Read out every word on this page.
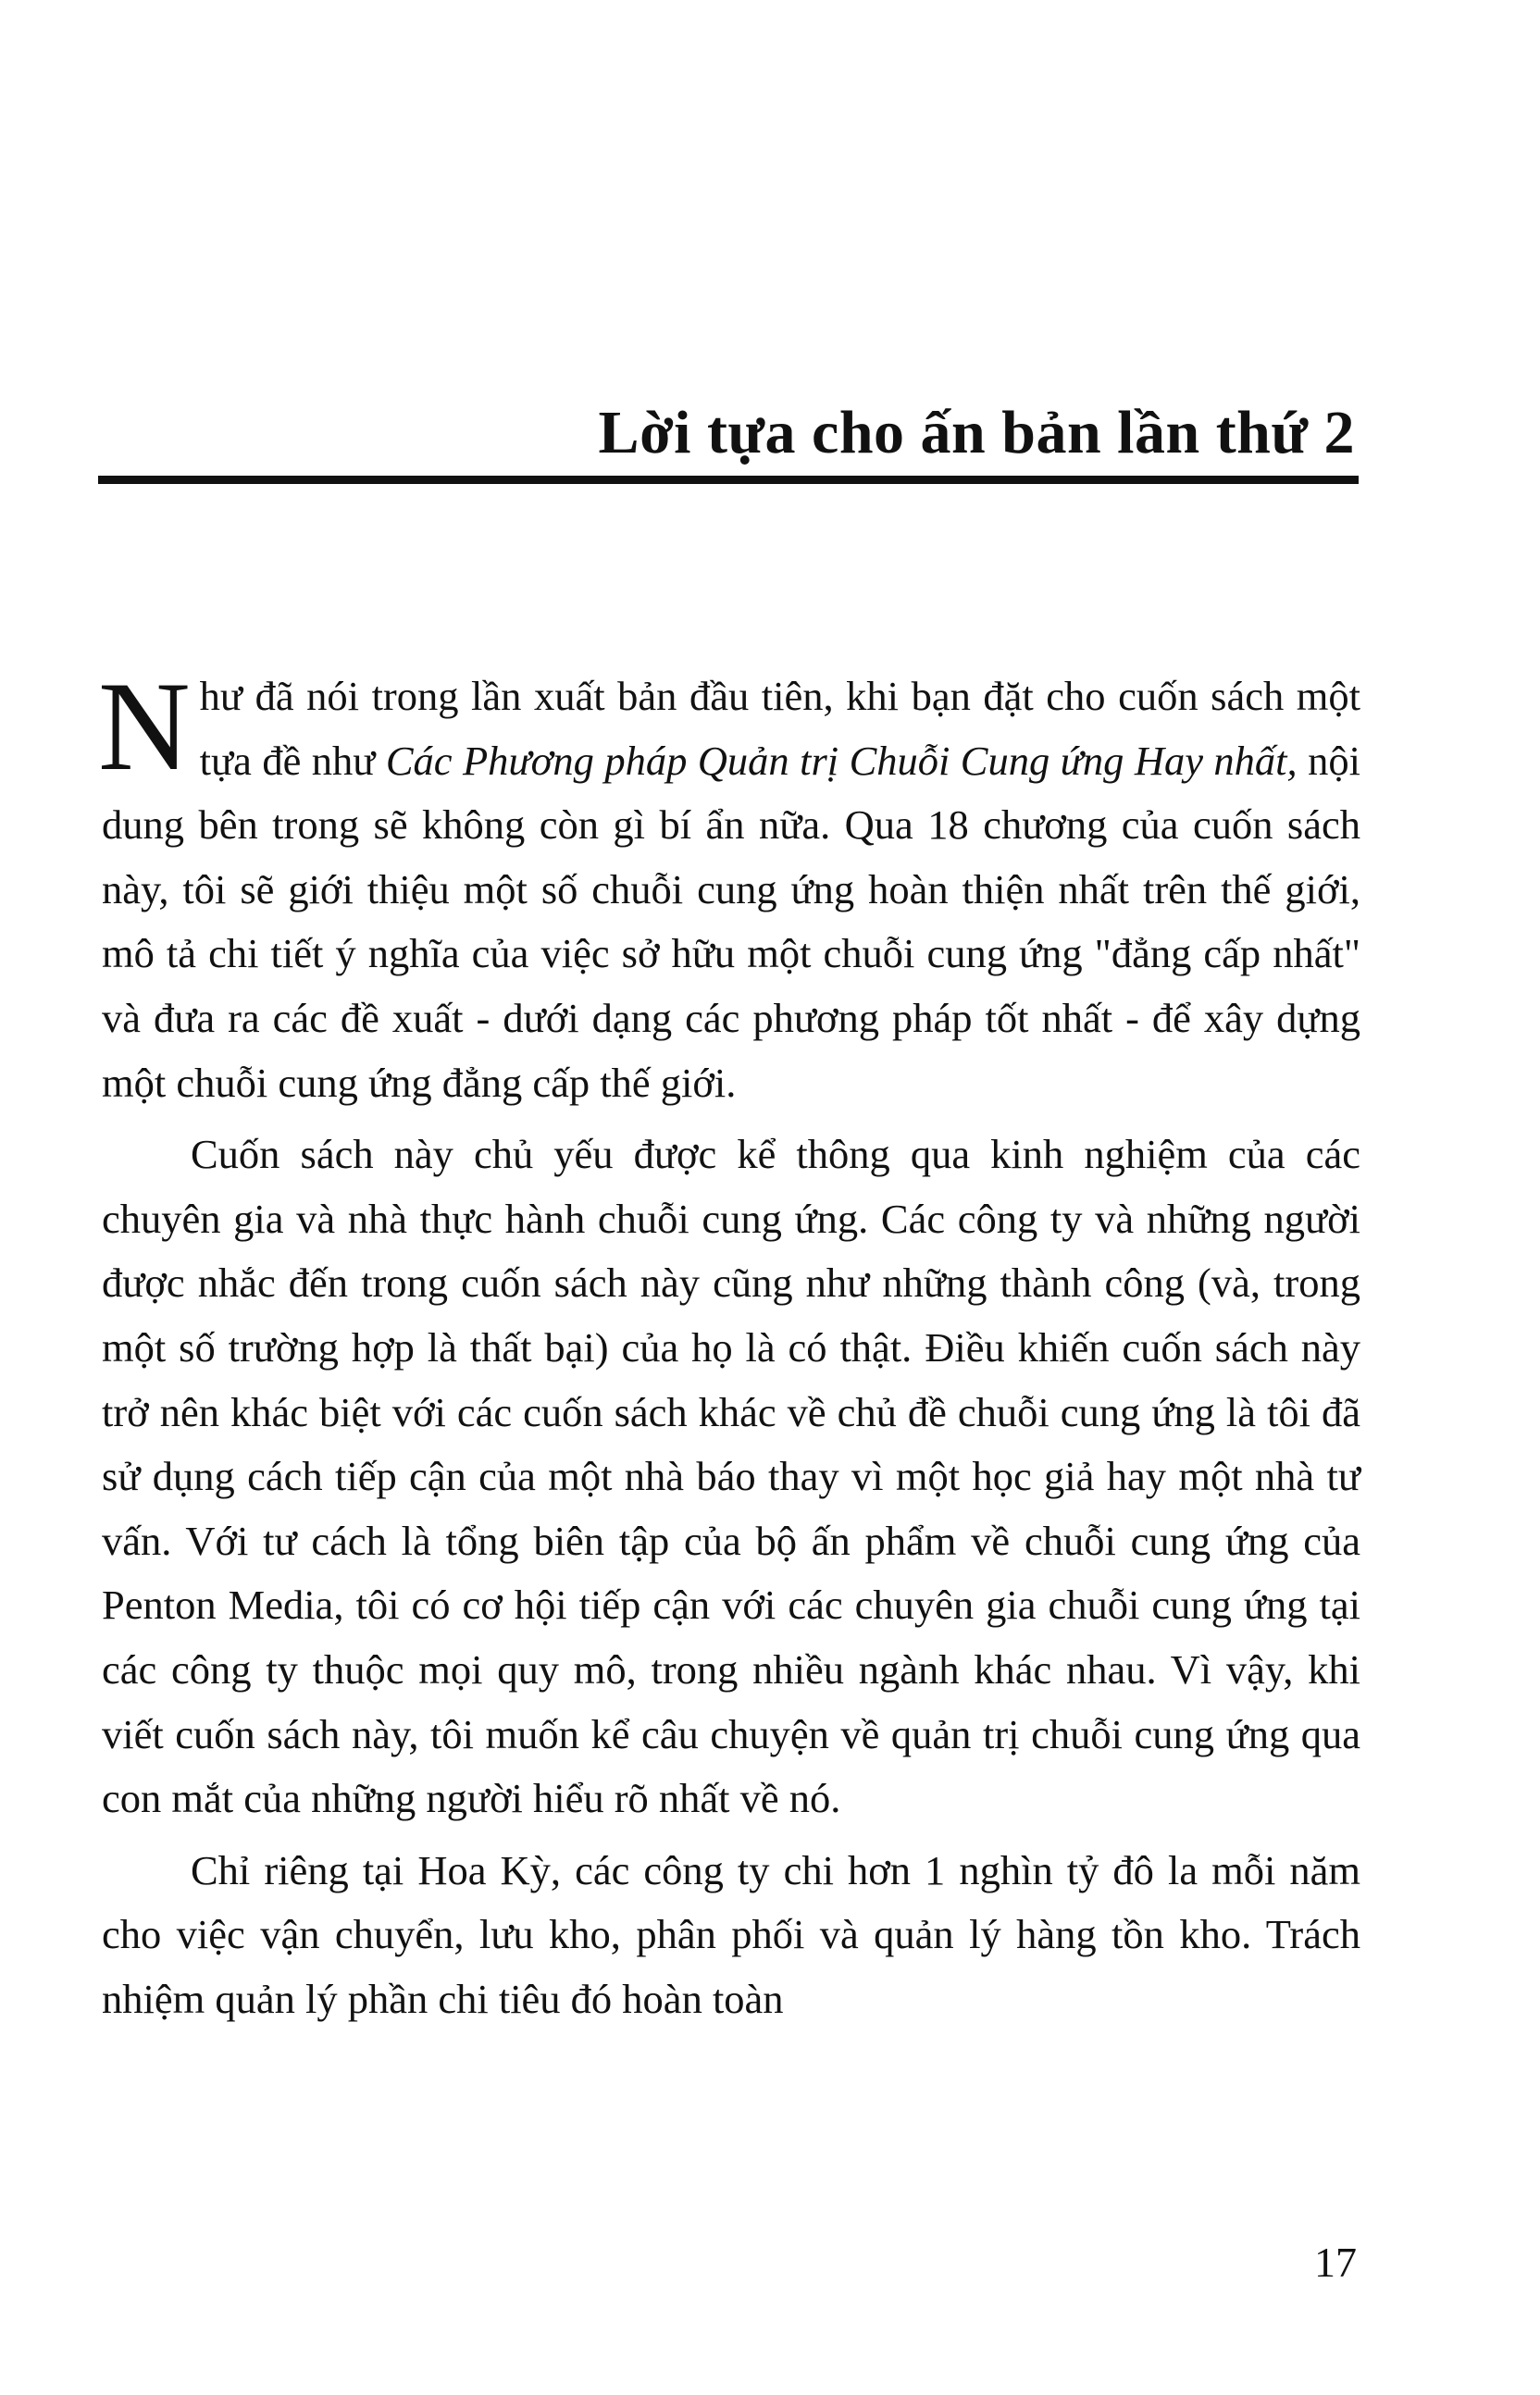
Lời tựa cho ấn bản lần thứ 2

Như đã nói trong lần xuất bản đầu tiên, khi bạn đặt cho cuốn sách một tựa đề như Các Phương pháp Quản trị Chuỗi Cung ứng Hay nhất, nội dung bên trong sẽ không còn gì bí ẩn nữa. Qua 18 chương của cuốn sách này, tôi sẽ giới thiệu một số chuỗi cung ứng hoàn thiện nhất trên thế giới, mô tả chi tiết ý nghĩa của việc sở hữu một chuỗi cung ứng "đẳng cấp nhất" và đưa ra các đề xuất - dưới dạng các phương pháp tốt nhất - để xây dựng một chuỗi cung ứng đẳng cấp thế giới.

Cuốn sách này chủ yếu được kể thông qua kinh nghiệm của các chuyên gia và nhà thực hành chuỗi cung ứng. Các công ty và những người được nhắc đến trong cuốn sách này cũng như những thành công (và, trong một số trường hợp là thất bại) của họ là có thật. Điều khiến cuốn sách này trở nên khác biệt với các cuốn sách khác về chủ đề chuỗi cung ứng là tôi đã sử dụng cách tiếp cận của một nhà báo thay vì một học giả hay một nhà tư vấn. Với tư cách là tổng biên tập của bộ ấn phẩm về chuỗi cung ứng của Penton Media, tôi có cơ hội tiếp cận với các chuyên gia chuỗi cung ứng tại các công ty thuộc mọi quy mô, trong nhiều ngành khác nhau. Vì vậy, khi viết cuốn sách này, tôi muốn kể câu chuyện về quản trị chuỗi cung ứng qua con mắt của những người hiểu rõ nhất về nó.

Chỉ riêng tại Hoa Kỳ, các công ty chi hơn 1 nghìn tỷ đô la mỗi năm cho việc vận chuyển, lưu kho, phân phối và quản lý hàng tồn kho. Trách nhiệm quản lý phần chi tiêu đó hoàn toàn

17
